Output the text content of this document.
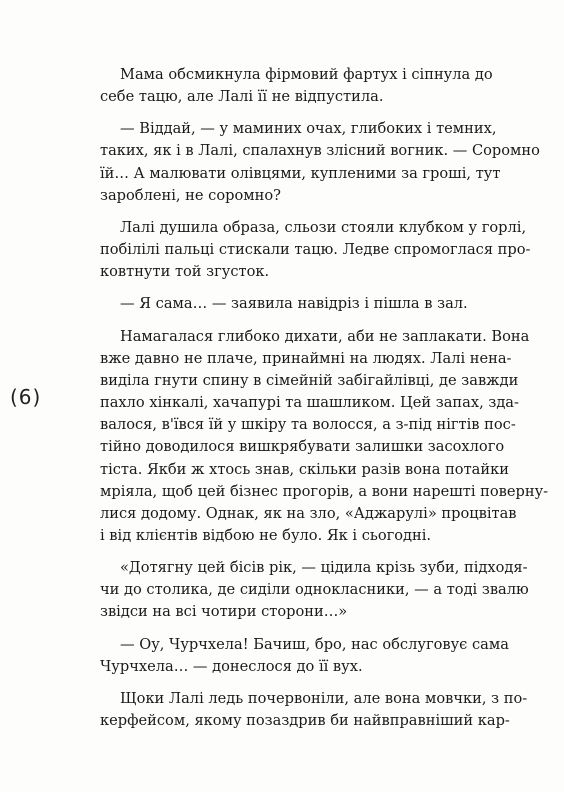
(6)

Мама обсмикнула фірмовий фартух і сіпнула до
себе тацю, але Лалі її не відпустила.

— Віддай, — у маминих очах, глибоких і темних,
таких, як і в Лалі, спалахнув злісний вогник. — Соромно
їй… А малювати олівцями, купленими за гроші, тут
зароблені, не соромно?

Лалі душила образа, сльози стояли клубком у горлі,
побілілі пальці стискали тацю. Ледве спромоглася про-
ковтнути той згусток.

— Я сама… — заявила навідріз і пішла в зал.

Намагалася глибоко дихати, аби не заплакати. Вона
вже давно не плаче, принаймні на людях. Лалі нена-
виділа гнути спину в сімейній забігайлівці, де завжди
пахло хінкалі, хачапурі та шашликом. Цей запах, зда-
валося, в'ївся їй у шкіру та волосся, а з-під нігтів пос-
тійно доводилося вишкрябувати залишки засохлого
тіста. Якби ж хтось знав, скільки разів вона потайки
мріяла, щоб цей бізнес прогорів, а вони нарешті поверну-
лися додому. Однак, як на зло, «Аджарулі» процвітав
і від клієнтів відбою не було. Як і сьогодні.

«Дотягну цей бісів рік, — цідила крізь зуби, підходя-
чи до столика, де сиділи однокласники, — а тоді звалю
звідси на всі чотири сторони…»

— Оу, Чурчхела! Бачиш, бро, нас обслуговує сама
Чурчхела… — донеслося до її вух.

Щоки Лалі ледь почервоніли, але вона мовчки, з по-
керфейсом, якому позаздрив би найвправніший кар-
